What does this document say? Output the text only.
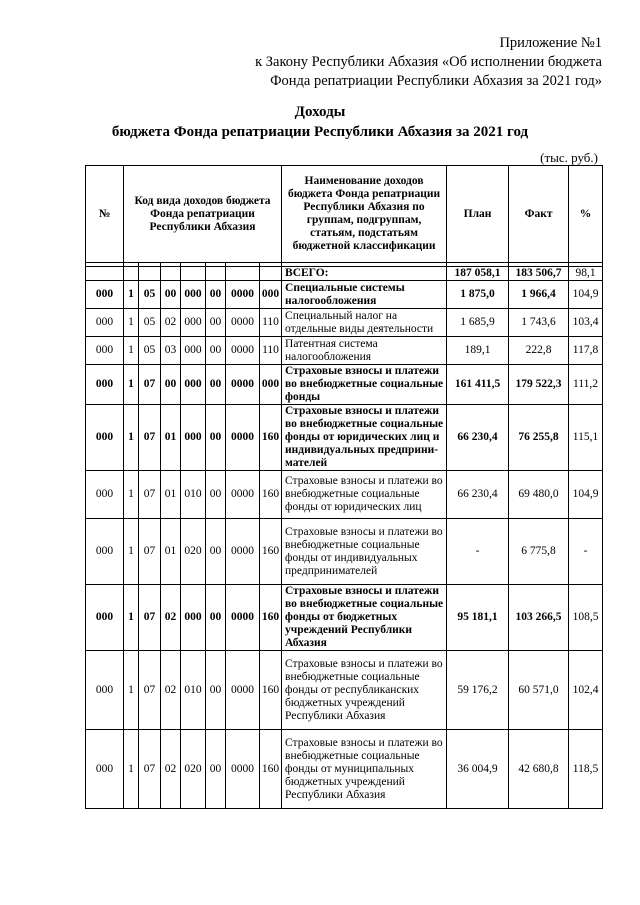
Приложение №1
к Закону Республики Абхазия «Об исполнении бюджета
Фонда репатриации Республики Абхазия за 2021 год»
Доходы
бюджета Фонда репатриации Республики Абхазия за 2021 год
(тыс. руб.)
№	Код вида доходов бюджета Фонда репатриации Республики Абхазия							Наименование доходов бюджета Фонда репатриации Республики Абхазия по группам, подгруппам, статьям, подстатьям бюджетной классификации	План	Факт	%

								ВСЕГО:	187 058,1	183 506,7	98,1
000	1	05	00	000	00	0000	000	Специальные системы налогообложения	1 875,0	1 966,4	104,9
000	1	05	02	000	00	0000	110	Специальный налог на отдельные виды деятельности	1 685,9	1 743,6	103,4
000	1	05	03	000	00	0000	110	Патентная система налогообложения	189,1	222,8	117,8
000	1	07	00	000	00	0000	000	Страховые взносы и платежи во внебюджетные социальные фонды	161 411,5	179 522,3	111,2
000	1	07	01	000	00	0000	160	Страховые взносы и платежи во внебюджетные социальные фонды от юридических лиц и индивидуальных предприни-мателей	66 230,4	76 255,8	115,1
000	1	07	01	010	00	0000	160	Страховые взносы и платежи во внебюджетные социальные фонды от юридических лиц	66 230,4	69 480,0	104,9
000	1	07	01	020	00	0000	160	Страховые взносы и платежи во внебюджетные социальные фонды от индивидуальных предпринимателей	-	6 775,8	-
000	1	07	02	000	00	0000	160	Страховые взносы и платежи во внебюджетные социальные фонды от бюджетных учреждений Республики Абхазия	95 181,1	103 266,5	108,5
000	1	07	02	010	00	0000	160	Страховые взносы и платежи во внебюджетные социальные фонды от республиканских бюджетных учреждений Республики Абхазия	59 176,2	60 571,0	102,4
000	1	07	02	020	00	0000	160	Страховые взносы и платежи во внебюджетные социальные фонды от муниципальных бюджетных учреждений Республики Абхазия	36 004,9	42 680,8	118,5
